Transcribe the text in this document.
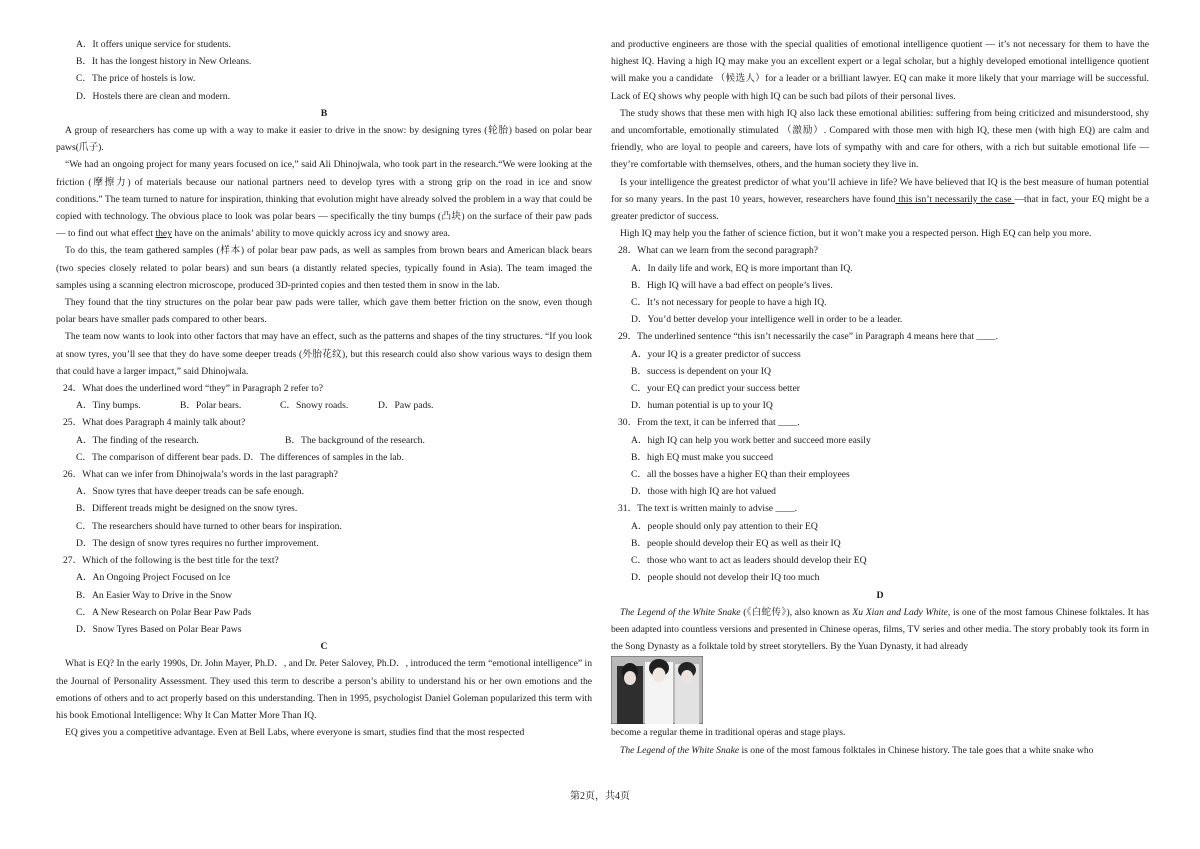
A．It offers unique service for students.

B．It has the longest history in New Orleans.

C．The price of hostels is low.

D．Hostels there are clean and modern.

B

A group of researchers has come up with a way to make it easier to drive in the snow: by designing tyres (轮胎) based on polar bear paws(爪子).

“We had an ongoing project for many years focused on ice,” said Ali Dhinojwala, who took part in the research.“We were looking at the friction (摩擦力) of materials because our national partners need to develop tyres with a strong grip on the road in ice and snow conditions.” The team turned to nature for inspiration, thinking that evolution might have already solved the problem in a way that could be copied with technology. The obvious place to look was polar bears — specifically the tiny bumps (凸块) on the surface of their paw pads — to find out what effect they have on the animals’ ability to move quickly across icy and snowy area.

To do this, the team gathered samples (样本) of polar bear paw pads, as well as samples from brown bears and American black bears (two species closely related to polar bears) and sun bears (a distantly related species, typically found in Asia). The team imaged the samples using a scanning electron microscope, produced 3D-printed copies and then tested them in snow in the lab.

They found that the tiny structures on the polar bear paw pads were taller, which gave them better friction on the snow, even though polar bears have smaller pads compared to other bears.

The team now wants to look into other factors that may have an effect, such as the patterns and shapes of the tiny structures. “If you look at snow tyres, you’ll see that they do have some deeper treads (外胎花纹), but this research could also show various ways to design them that could have a larger impact,” said Dhinojwala.

24．What does the underlined word “they” in Paragraph 2 refer to?

A．Tiny bumps.	B．Polar bears.	C．Snowy roads.	D．Paw pads.

25．What does Paragraph 4 mainly talk about?

A．The finding of the research.	B．The background of the research.

C．The comparison of different bear pads. D．The differences of samples in the lab.

26．What can we infer from Dhinojwala’s words in the last paragraph?

A．Snow tyres that have deeper treads can be safe enough.

B．Different treads might be designed on the snow tyres.

C．The researchers should have turned to other bears for inspiration.

D．The design of snow tyres requires no further improvement.

27．Which of the following is the best title for the text?

A．An Ongoing Project Focused on Ice

B．An Easier Way to Drive in the Snow

C．A New Research on Polar Bear Paw Pads

D．Snow Tyres Based on Polar Bear Paws

C

What is EQ? In the early 1990s, Dr. John Mayer, Ph.D．, and Dr. Peter Salovey, Ph.D．, introduced the term “emotional intelligence” in the Journal of Personality Assessment. They used this term to describe a person’s ability to understand his or her own emotions and the emotions of others and to act properly based on this understanding. Then in 1995, psychologist Daniel Goleman popularized this term with his book Emotional Intelligence: Why It Can Matter More Than IQ.

EQ gives you a competitive advantage. Even at Bell Labs, where everyone is smart, studies find that the most respected

and productive engineers are those with the special qualities of emotional intelligence quotient — it’s not necessary for them to have the highest IQ. Having a high IQ may make you an excellent expert or a legal scholar, but a highly developed emotional intelligence quotient will make you a candidate （候选人）for a leader or a brilliant lawyer. EQ can make it more likely that your marriage will be successful. Lack of EQ shows why people with high IQ can be such bad pilots of their personal lives.

The study shows that these men with high IQ also lack these emotional abilities: suffering from being criticized and misunderstood, shy and uncomfortable, emotionally stimulated （激励）. Compared with those men with high IQ, these men (with high EQ) are calm and friendly, who are loyal to people and careers, have lots of sympathy with and care for others, with a rich but suitable emotional life — they’re comfortable with themselves, others, and the human society they live in.

Is your intelligence the greatest predictor of what you’ll achieve in life? We have believed that IQ is the best measure of human potential for so many years. In the past 10 years, however, researchers have found this isn’t necessarily the case —that in fact, your EQ might be a greater predictor of success.

High IQ may help you the father of science fiction, but it won’t make you a respected person. High EQ can help you more.

28．What can we learn from the second paragraph?

A．In daily life and work, EQ is more important than IQ.

B．High IQ will have a bad effect on people’s lives.

C．It’s not necessary for people to have a high IQ.

D．You’d better develop your intelligence well in order to be a leader.

29．The underlined sentence “this isn’t necessarily the case” in Paragraph 4 means here that ____.

A．your IQ is a greater predictor of success

B．success is dependent on your IQ

C．your EQ can predict your success better

D．human potential is up to your IQ

30．From the text, it can be inferred that ____.

A．high IQ can help you work better and succeed more easily

B．high EQ must make you succeed

C．all the bosses have a higher EQ than their employees

D．those with high IQ are hot valued

31．The text is written mainly to advise ____.

A．people should only pay attention to their EQ

B．people should develop their EQ as well as their IQ

C．those who want to act as leaders should develop their EQ

D．people should not develop their IQ too much

D

The Legend of the White Snake (《白蛇传》), also known as Xu Xian and Lady White, is one of the most famous Chinese folktales. It has been adapted into countless versions and presented in Chinese operas, films, TV series and other media. The story probably took its form in the Song Dynasty as a folktale told by street storytellers. By the Yuan Dynasty, it had already

become a regular theme in traditional operas and stage plays.

The Legend of the White Snake is one of the most famous folktales in Chinese history. The tale goes that a white snake who

第2页，共4页
